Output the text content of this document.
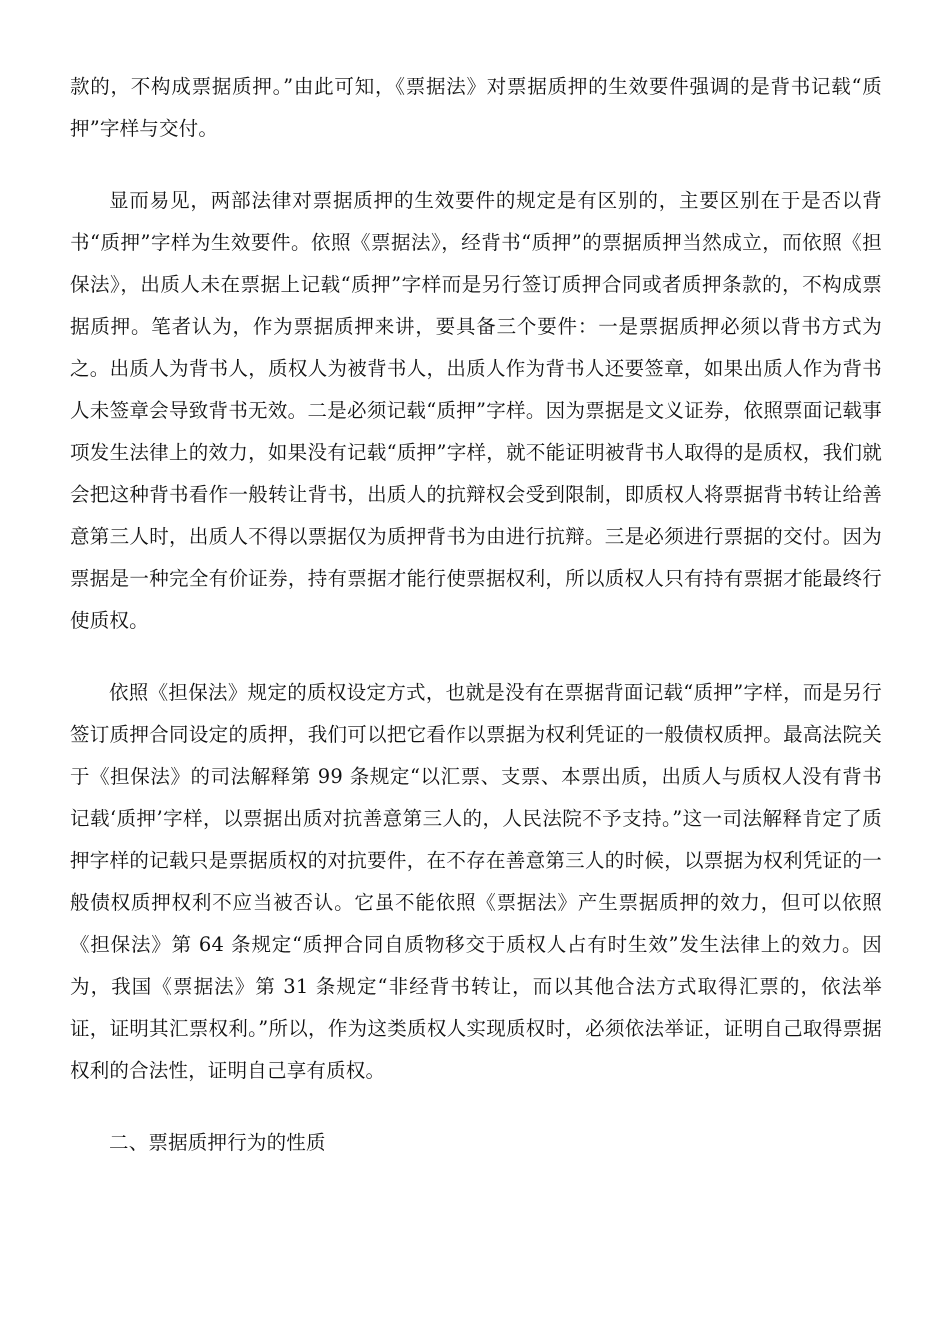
款的，不构成票据质押。”由此可知，《票据法》对票据质押的生效要件强调的是背书记载“质押”字样与交付。

显而易见，两部法律对票据质押的生效要件的规定是有区别的，主要区别在于是否以背书“质押”字样为生效要件。依照《票据法》，经背书“质押”的票据质押当然成立，而依照《担保法》，出质人未在票据上记载“质押”字样而是另行签订质押合同或者质押条款的，不构成票据质押。笔者认为，作为票据质押来讲，要具备三个要件：一是票据质押必须以背书方式为之。出质人为背书人，质权人为被背书人，出质人作为背书人还要签章，如果出质人作为背书人未签章会导致背书无效。二是必须记载“质押”字样。因为票据是文义证券，依照票面记载事项发生法律上的效力，如果没有记载“质押”字样，就不能证明被背书人取得的是质权，我们就会把这种背书看作一般转让背书，出质人的抗辩权会受到限制，即质权人将票据背书转让给善意第三人时，出质人不得以票据仅为质押背书为由进行抗辩。三是必须进行票据的交付。因为票据是一种完全有价证券，持有票据才能行使票据权利，所以质权人只有持有票据才能最终行使质权。

依照《担保法》规定的质权设定方式，也就是没有在票据背面记载“质押”字样，而是另行签订质押合同设定的质押，我们可以把它看作以票据为权利凭证的一般债权质押。最高法院关于《担保法》的司法解释第 99 条规定“以汇票、支票、本票出质，出质人与质权人没有背书记载‘质押’字样，以票据出质对抗善意第三人的，人民法院不予支持。”这一司法解释肯定了质押字样的记载只是票据质权的对抗要件，在不存在善意第三人的时候，以票据为权利凭证的一般债权质押权利不应当被否认。它虽不能依照《票据法》产生票据质押的效力，但可以依照《担保法》第 64 条规定“质押合同自质物移交于质权人占有时生效”发生法律上的效力。因为，我国《票据法》第 31 条规定“非经背书转让，而以其他合法方式取得汇票的，依法举证，证明其汇票权利。”所以，作为这类质权人实现质权时，必须依法举证，证明自己取得票据权利的合法性，证明自己享有质权。

二、票据质押行为的性质
